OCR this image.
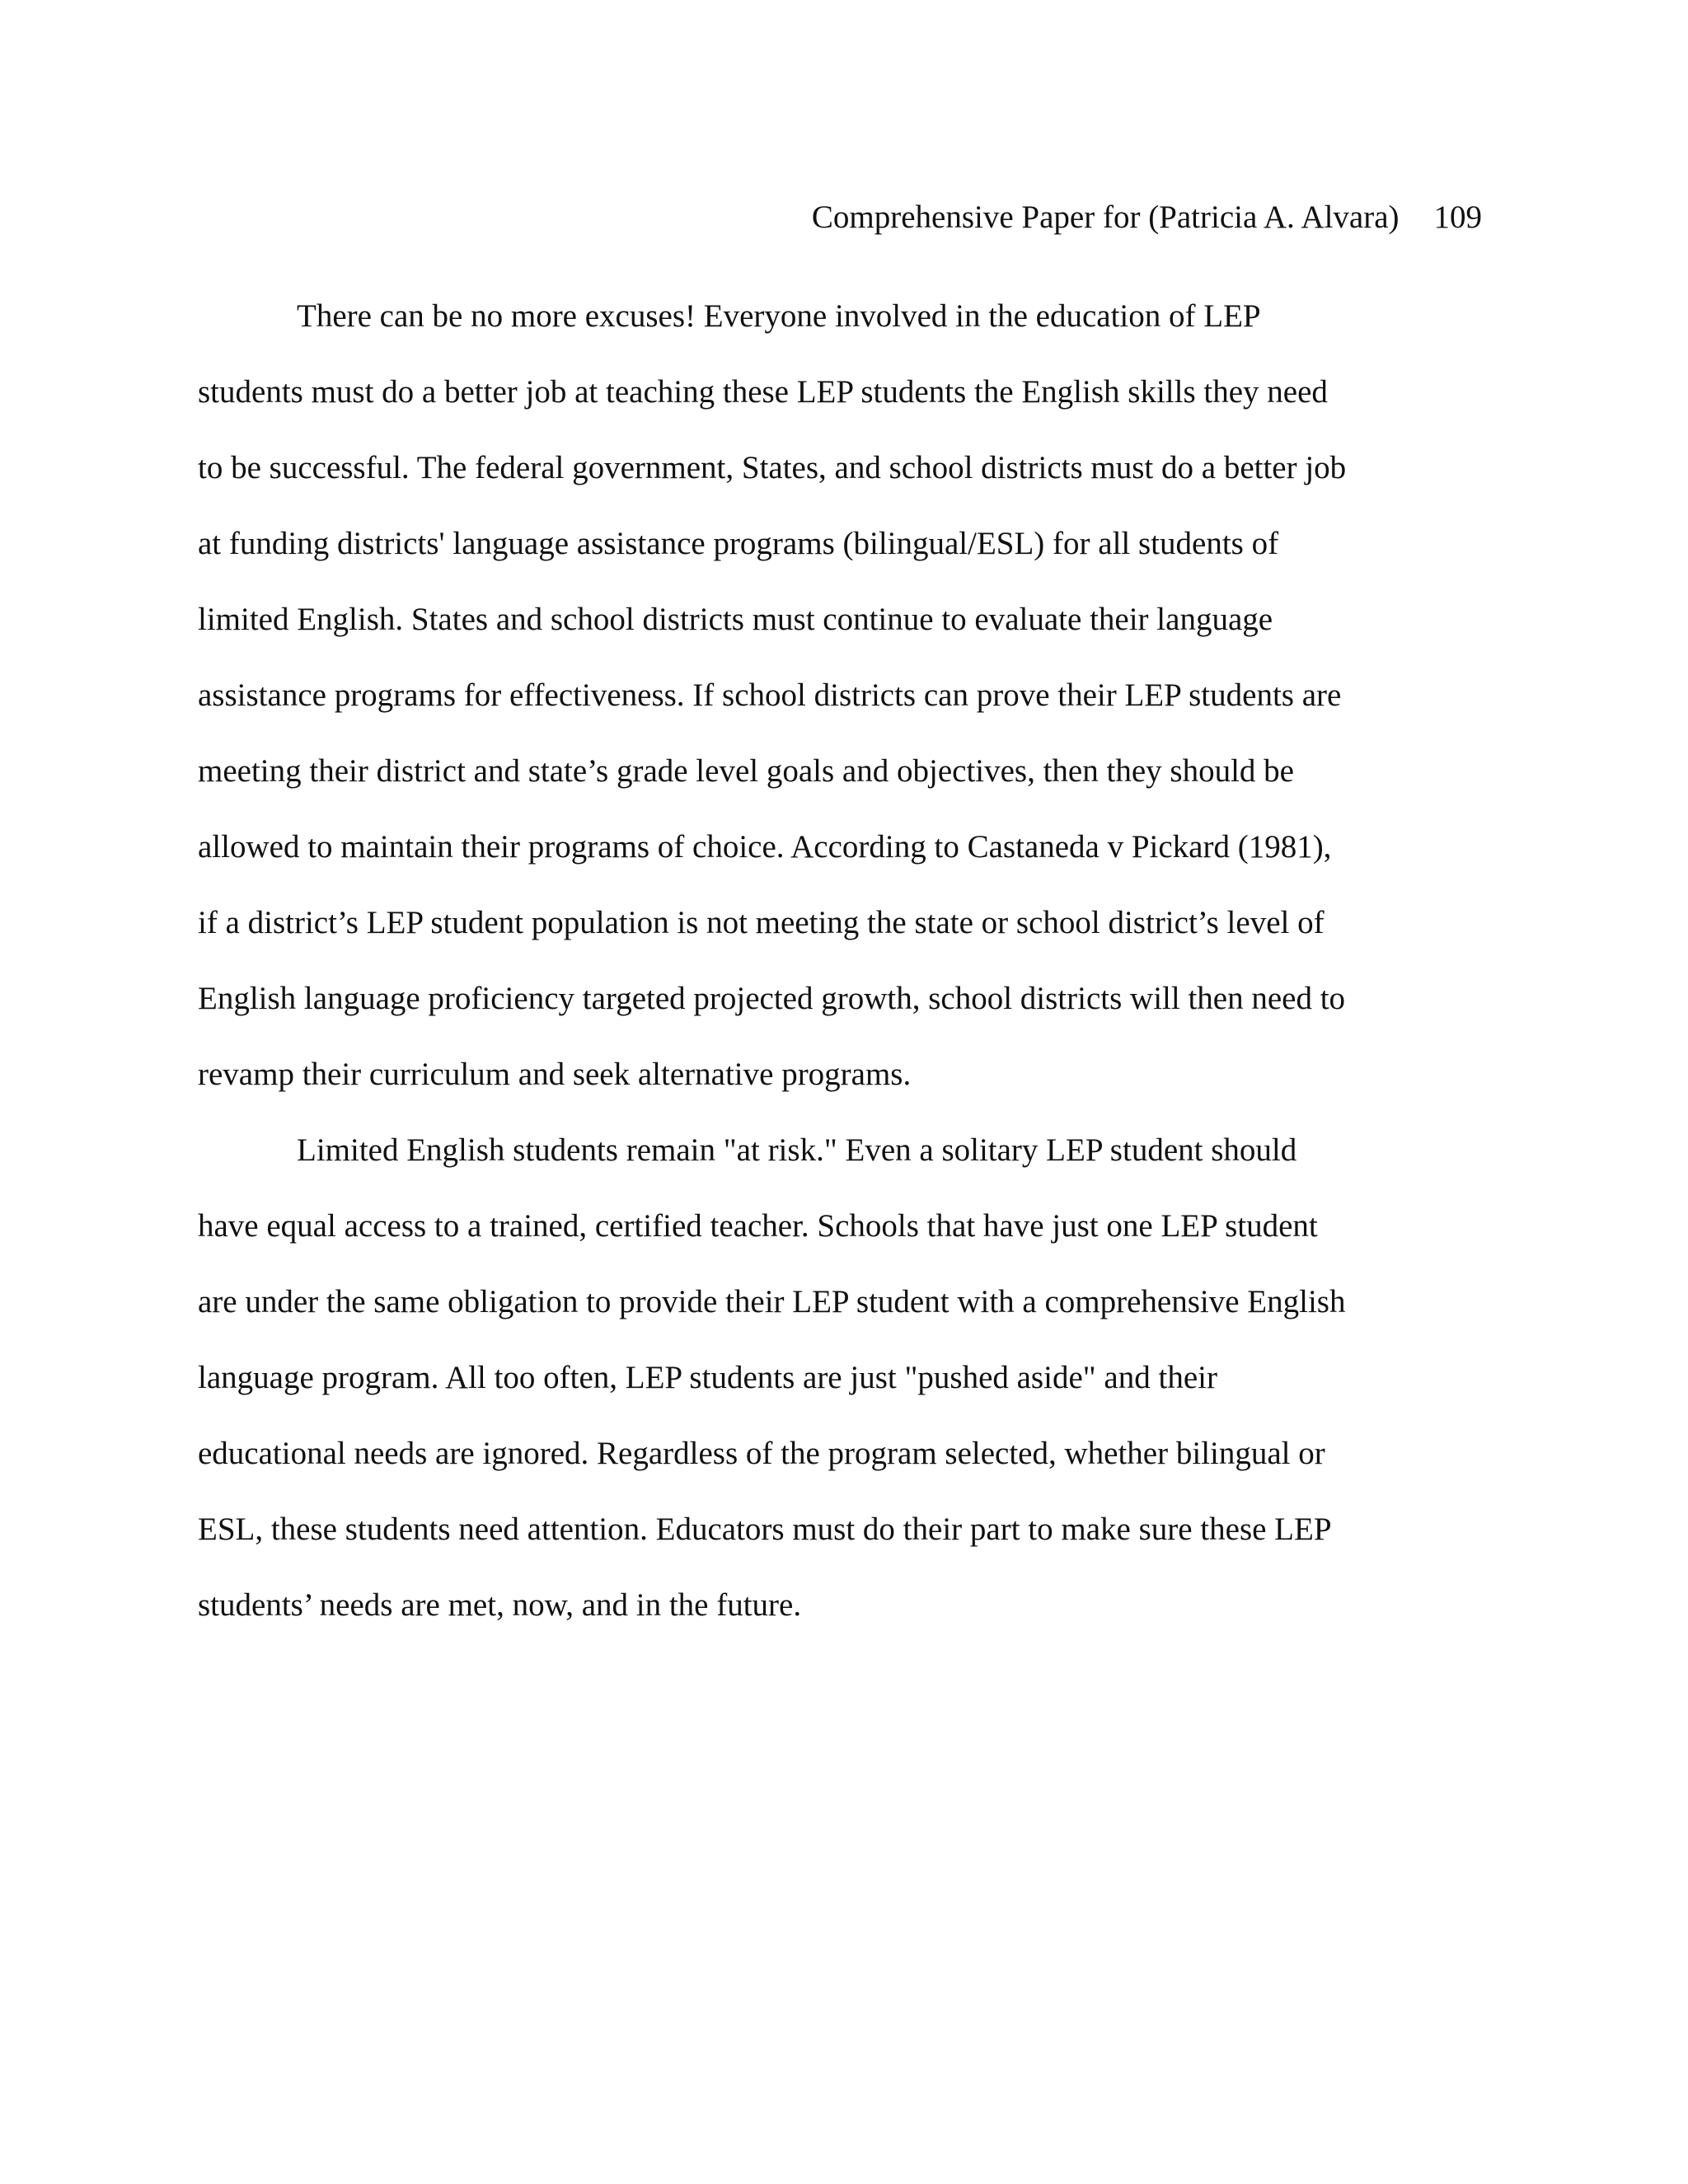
Comprehensive Paper for (Patricia A. Alvara) 109
There can be no more excuses! Everyone involved in the education of LEP
students must do a better job at teaching these LEP students the English skills they need
to be successful. The federal government, States, and school districts must do a better job
at funding districts' language assistance programs (bilingual/ESL) for all students of
limited English. States and school districts must continue to evaluate their language
assistance programs for effectiveness. If school districts can prove their LEP students are
meeting their district and state’s grade level goals and objectives, then they should be
allowed to maintain their programs of choice. According to Castaneda v Pickard (1981),
if a district’s LEP student population is not meeting the state or school district’s level of
English language proficiency targeted projected growth, school districts will then need to
revamp their curriculum and seek alternative programs.
Limited English students remain "at risk." Even a solitary LEP student should
have equal access to a trained, certified teacher. Schools that have just one LEP student
are under the same obligation to provide their LEP student with a comprehensive English
language program. All too often, LEP students are just "pushed aside" and their
educational needs are ignored. Regardless of the program selected, whether bilingual or
ESL, these students need attention. Educators must do their part to make sure these LEP
students’ needs are met, now, and in the future.
